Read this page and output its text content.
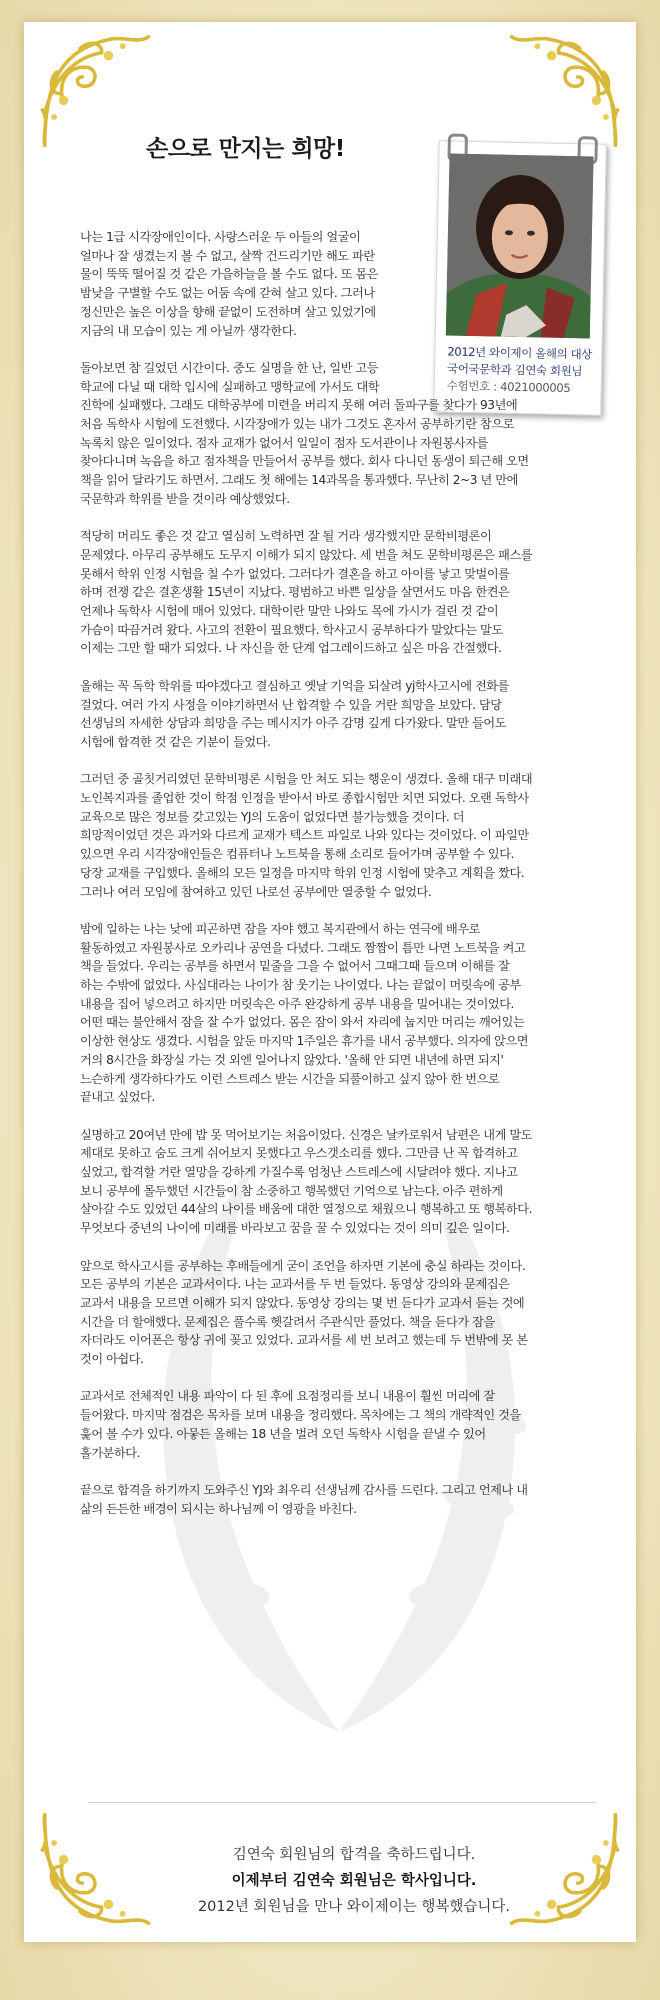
손으로 만지는 희망!
2012년 와이제이 올해의 대상
국어국문학과 김연숙 회원님
수험번호 : 4021000005

나는 1급 시각장애인이다. 사랑스러운 두 아들의 얼굴이
얼마나 잘 생겼는지 볼 수 없고, 살짝 건드리기만 해도 파란
물이 뚝뚝 떨어질 것 같은 가을하늘을 볼 수도 없다. 또 몸은
밤낮을 구별할 수도 없는 어둠 속에 갇혀 살고 있다. 그러나
정신만은 높은 이상을 향해 끝없이 도전하며 살고 있었기에
지금의 내 모습이 있는 게 아닐까 생각한다.

돌아보면 참 길었던 시간이다. 중도 실명을 한 난, 일반 고등
학교에 다닐 때 대학 입시에 실패하고 맹학교에 가서도 대학
진학에 실패했다. 그래도 대학공부에 미련을 버리지 못해 여러 돌파구를 찾다가 93년에
처음 독학사 시험에 도전했다. 시각장애가 있는 내가 그것도 혼자서 공부하기란 참으로
녹록치 않은 일이었다. 점자 교재가 없어서 일일이 점자 도서관이나 자원봉사자를
찾아다니며 녹음을 하고 점자책을 만들어서 공부를 했다. 회사 다니던 동생이 퇴근해 오면
책을 읽어 달라기도 하면서. 그래도 첫 해에는 14과목을 통과했다. 무난히 2~3 년 만에
국문학과 학위를 받을 것이라 예상했었다.

적당히 머리도 좋은 것 같고 열심히 노력하면 잘 될 거라 생각했지만 문학비평론이
문제였다. 아무리 공부해도 도무지 이해가 되지 않았다. 세 번을 쳐도 문학비평론은 패스를
못해서 학위 인정 시험을 칠 수가 없었다. 그러다가 결혼을 하고 아이를 낳고 맞벌이를
하며 전쟁 같은 결혼생활 15년이 지났다. 평범하고 바쁜 일상을 살면서도 마음 한켠은
언제나 독학사 시험에 매어 있었다. 대학이란 말만 나와도 목에 가시가 걸린 것 같이
가슴이 따끔거려 왔다. 사고의 전환이 필요했다. 학사고시 공부하다가 말았다는 말도
이제는 그만 할 때가 되었다. 나 자신을 한 단계 업그레이드하고 싶은 마음 간절했다.

올해는 꼭 독학 학위를 따야겠다고 결심하고 옛날 기억을 되살려 yj학사고시에 전화를
걸었다. 여러 가지 사정을 이야기하면서 난 합격할 수 있을 거란 희망을 보았다. 담당
선생님의 자세한 상담과 희망을 주는 메시지가 아주 감명 깊게 다가왔다. 말만 들어도
시험에 합격한 것 같은 기분이 들었다.

그러던 중 골칫거리였던 문학비평론 시험을 안 쳐도 되는 행운이 생겼다. 올해 대구 미래대
노인복지과를 졸업한 것이 학점 인정을 받아서 바로 종합시험만 치면 되었다. 오랜 독학사
교육으로 많은 정보를 갖고있는 YJ의 도움이 없었다면 불가능했을 것이다. 더
희망적이었던 것은 과거와 다르게 교재가 텍스트 파일로 나와 있다는 것이었다. 이 파일만
있으면 우리 시각장애인들은 컴퓨터나 노트북을 통해 소리로 들어가며 공부할 수 있다.
당장 교재를 구입했다. 올해의 모든 일정을 마지막 학위 인정 시험에 맞추고 계획을 짰다.
그러나 여러 모임에 참여하고 있던 나로선 공부에만 열중할 수 없었다.

밤에 일하는 나는 낮에 피곤하면 잠을 자야 했고 복지관에서 하는 연극에 배우로
활동하였고 자원봉사로 오카리나 공연을 다녔다. 그래도 짬짬이 틈만 나면 노트북을 켜고
책을 들었다. 우리는 공부를 하면서 밑줄을 그을 수 없어서 그때그때 들으며 이해를 잘
하는 수밖에 없었다. 사십대라는 나이가 참 웃기는 나이였다. 나는 끝없이 머릿속에 공부
내용을 집어 넣으려고 하지만 머릿속은 아주 완강하게 공부 내용을 밀어내는 것이었다.
어떤 때는 불안해서 잠을 잘 수가 없었다. 몸은 잠이 와서 자리에 눕지만 머리는 깨어있는
이상한 현상도 생겼다. 시험을 앞둔 마지막 1주일은 휴가를 내서 공부했다. 의자에 앉으면
거의 8시간을 화장실 가는 것 외엔 일어나지 않았다. '올해 안 되면 내년에 하면 되지'
느슨하게 생각하다가도 이런 스트레스 받는 시간을 되풀이하고 싶지 않아 한 번으로
끝내고 싶었다.

실명하고 20여년 만에 밥 못 먹어보기는 처음이었다. 신경은 날카로워서 남편은 내게 말도
제대로 못하고 숨도 크게 쉬어보지 못했다고 우스갯소리를 했다. 그만큼 난 꼭 합격하고
싶었고, 합격할 거란 열망을 강하게 가질수록 엄청난 스트레스에 시달려야 했다. 지나고
보니 공부에 몰두했던 시간들이 참 소중하고 행복했던 기억으로 남는다. 아주 편하게
살아갈 수도 있었던 44살의 나이를 배움에 대한 열정으로 채웠으니 행복하고 또 행복하다.
무엇보다 중년의 나이에 미래를 바라보고 꿈을 꿀 수 있었다는 것이 의미 깊은 일이다.

앞으로 학사고시를 공부하는 후배들에게 굳이 조언을 하자면 기본에 충실 하라는 것이다.
모든 공부의 기본은 교과서이다. 나는 교과서를 두 번 들었다. 동영상 강의와 문제집은
교과서 내용을 모르면 이해가 되지 않았다. 동영상 강의는 몇 번 듣다가 교과서 듣는 것에
시간을 더 할애했다. 문제집은 풀수록 헷갈려서 주관식만 풀었다. 책을 듣다가 잠을
자더라도 이어폰은 항상 귀에 꽂고 있었다. 교과서를 세 번 보려고 했는데 두 번밖에 못 본
것이 아쉽다.

교과서로 전체적인 내용 파악이 다 된 후에 요점정리를 보니 내용이 훨씬 머리에 잘
들어왔다. 마지막 점검은 목차를 보며 내용을 정리했다. 목차에는 그 책의 개략적인 것을
훑어 볼 수가 있다. 아뭏든 올해는 18 년을 벌려 오던 독학사 시험을 끝낼 수 있어
홀가분하다.

끝으로 합격을 하기까지 도와주신 YJ와 최우리 선생님께 감사를 드린다. 그리고 언제나 내
삶의 든든한 배경이 되시는 하나님께 이 영광을 바친다.

김연숙 회원님의 합격을 축하드립니다.
이제부터 김연숙 회원님은 학사입니다.
2012년 회원님을 만나 와이제이는 행복했습니다.
